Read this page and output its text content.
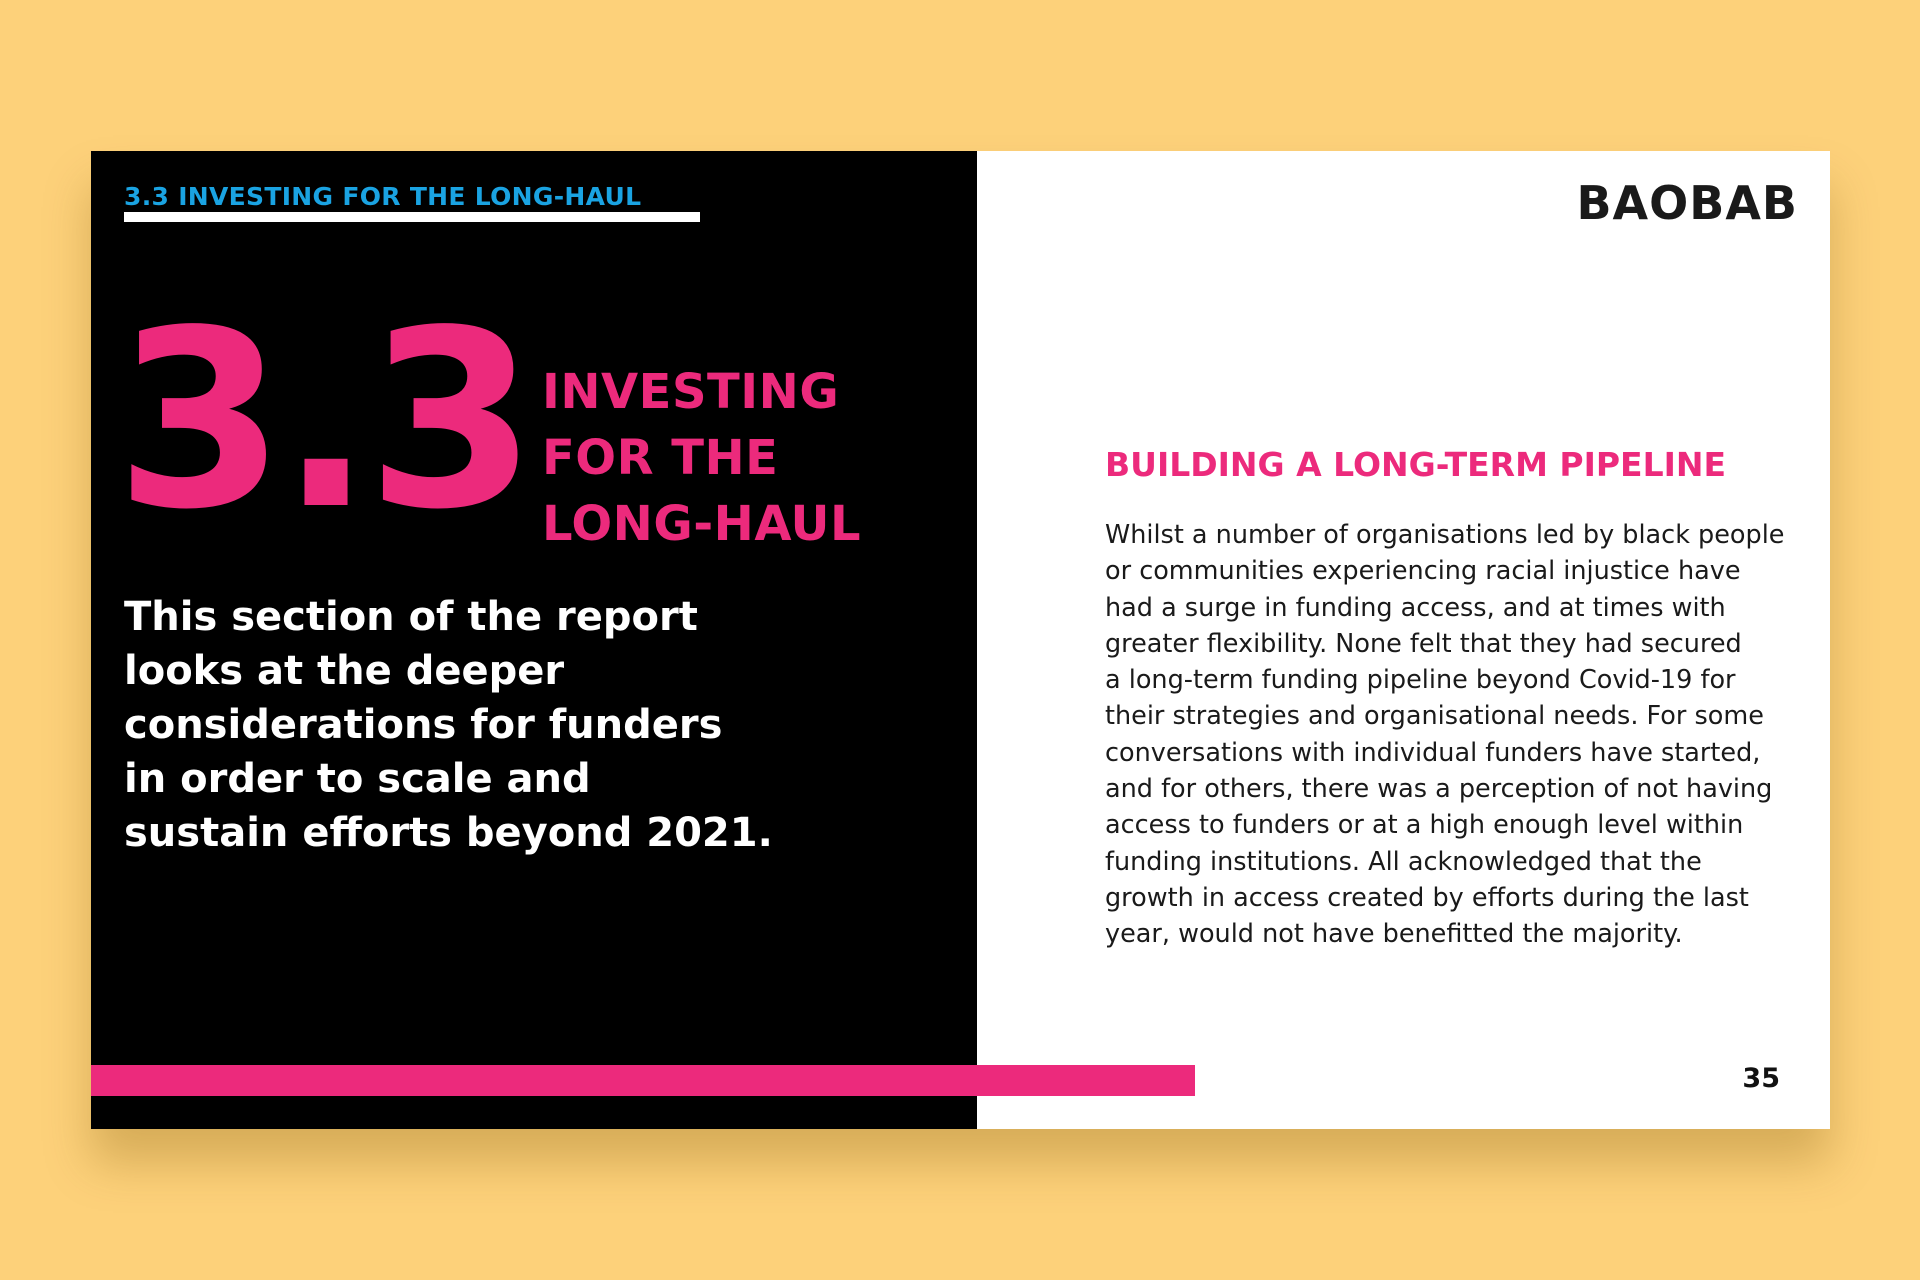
3.3 INVESTING FOR THE LONG-HAUL
3.3 INVESTING
FOR THE
LONG-HAUL
This section of the report
looks at the deeper
considerations for funders
in order to scale and
sustain efforts beyond 2021.
BAOBAB
BUILDING A LONG-TERM PIPELINE
Whilst a number of organisations led by black people
or communities experiencing racial injustice have
had a surge in funding access, and at times with
greater flexibility. None felt that they had secured
a long-term funding pipeline beyond Covid-19 for
their strategies and organisational needs. For some
conversations with individual funders have started,
and for others, there was a perception of not having
access to funders or at a high enough level within
funding institutions. All acknowledged that the
growth in access created by efforts during the last
year, would not have benefitted the majority.
35
